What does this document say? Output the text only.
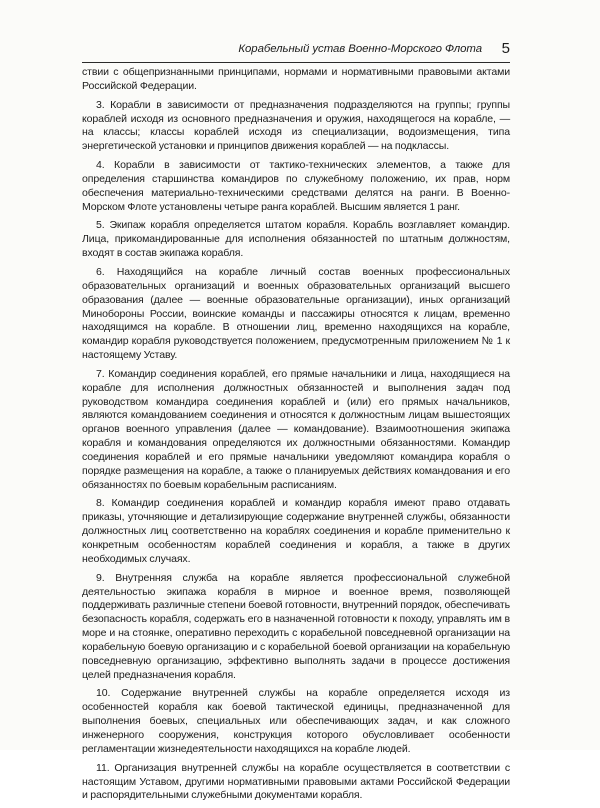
Корабельный устав Военно-Морского Флота 5

ствии с общепризнанными принципами, нормами и нормативными правовыми актами Российской Федерации.

3. Корабли в зависимости от предназначения подразделяются на группы; группы кораблей исходя из основного предназначения и оружия, находящегося на корабле, — на классы; классы кораблей исходя из специализации, водоизмещения, типа энергетической установки и принципов движения кораблей — на подклассы.

4. Корабли в зависимости от тактико-технических элементов, а также для определения старшинства командиров по служебному положению, их прав, норм обеспечения материально-техническими средствами делятся на ранги. В Военно-Морском Флоте установлены четыре ранга кораблей. Высшим является 1 ранг.

5. Экипаж корабля определяется штатом корабля. Корабль возглавляет командир. Лица, прикомандированные для исполнения обязанностей по штатным должностям, входят в состав экипажа корабля.

6. Находящийся на корабле личный состав военных профессиональных образовательных организаций и военных образовательных организаций высшего образования (далее — военные образовательные организации), иных организаций Минобороны России, воинские команды и пассажиры относятся к лицам, временно находящимся на корабле. В отношении лиц, временно находящихся на корабле, командир корабля руководствуется положением, предусмотренным приложением № 1 к настоящему Уставу.

7. Командир соединения кораблей, его прямые начальники и лица, находящиеся на корабле для исполнения должностных обязанностей и выполнения задач под руководством командира соединения кораблей и (или) его прямых начальников, являются командованием соединения и относятся к должностным лицам вышестоящих органов военного управления (далее — командование). Взаимоотношения экипажа корабля и командования определяются их должностными обязанностями. Командир соединения кораблей и его прямые начальники уведомляют командира корабля о порядке размещения на корабле, а также о планируемых действиях командования и его обязанностях по боевым корабельным расписаниям.

8. Командир соединения кораблей и командир корабля имеют право отдавать приказы, уточняющие и детализирующие содержание внутренней службы, обязанности должностных лиц соответственно на кораблях соединения и корабле применительно к конкретным особенностям кораблей соединения и корабля, а также в других необходимых случаях.

9. Внутренняя служба на корабле является профессиональной служебной деятельностью экипажа корабля в мирное и военное время, позволяющей поддерживать различные степени боевой готовности, внутренний порядок, обеспечивать безопасность корабля, содержать его в назначенной готовности к походу, управлять им в море и на стоянке, оперативно переходить с корабельной повседневной организации на корабельную боевую организацию и с корабельной боевой организации на корабельную повседневную организацию, эффективно выполнять задачи в процессе достижения целей предназначения корабля.

10. Содержание внутренней службы на корабле определяется исходя из особенностей корабля как боевой тактической единицы, предназначенной для выполнения боевых, специальных или обеспечивающих задач, и как сложного инженерного сооружения, конструкция которого обусловливает особенности регламентации жизнедеятельности находящихся на корабле людей.

11. Организация внутренней службы на корабле осуществляется в соответствии с настоящим Уставом, другими нормативными правовыми актами Российской Федерации и распорядительными служебными документами корабля.
